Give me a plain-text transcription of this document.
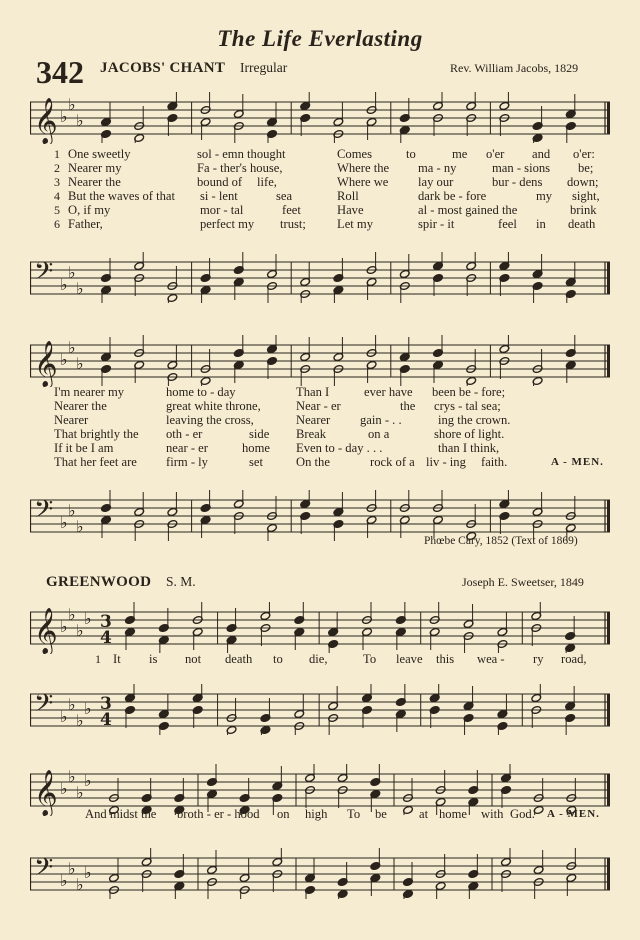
The Life Everlasting
342 JACOBS' CHANT Irregular	Rev. William Jacobs, 1829
𝄞 ♭
♭
♭
𝄢 ♭
♭
♭
𝄞 ♭
♭
♭
𝄢 ♭
♭
♭
𝄞 ♭
♭
♭
♭ 3
4
𝄢 ♭
♭
♭
♭ 3
4
𝄞 ♭
♭
♭
♭
𝄢 ♭
♭
♭
♭
1 One sweetly	sol - emn thought	Comes	to	me o'er and o'er:
2 Nearer my	Fa - ther's house,	Where the ma - ny	man - sions be;
3 Nearer the	bound of life,	Where we lay our	bur - dens down;
4 But the waves of that si - lent	sea	Roll	dark be - fore	my sight,
5 O, if my	mor - tal	feet	Have	al - most gained the	brink
6 Father,	perfect my trust; Let my	spir - it	feel in death
I'm nearer my	home to - day	Than I	ever have been be - fore;
Nearer the	great white throne,	Near - er	the crys - tal sea;
Nearer	leaving the cross,	Nearer gain - . .	ing the crown.
That brightly the oth - er	side Break	on a	shore of light.
If it be I am	near - er	home Even to - day . . .	than I think,
That her feet are firm - ly	set	On the	rock of a liv - ing faith.	A - MEN.
Phœbe Cary, 1852 (Text of 1869)
GREENWOOD S. M.	Joseph E. Sweetser, 1849
1 It is not death to die,	To leave this wea - ry road,
And midst the broth - er - hood on high To be	at home with God. A - MEN.
